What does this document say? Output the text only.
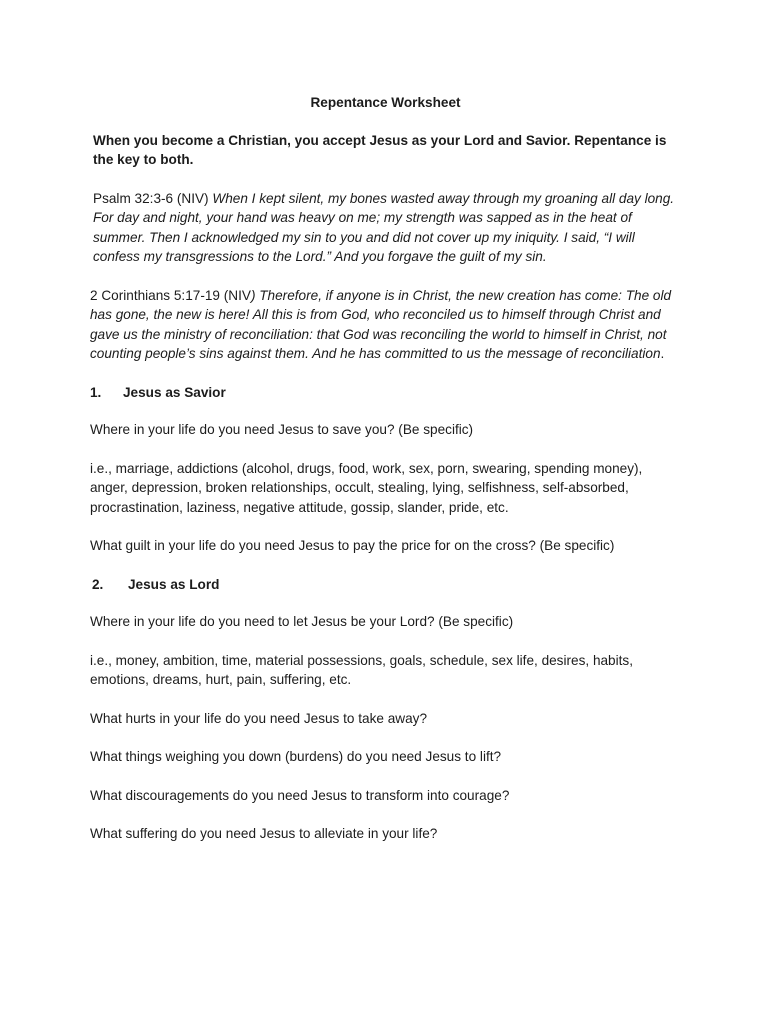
Repentance Worksheet

When you become a Christian, you accept Jesus as your Lord and Savior. Repentance is the key to both.

Psalm 32:3-6 (NIV) When I kept silent, my bones wasted away through my groaning all day long. For day and night, your hand was heavy on me; my strength was sapped as in the heat of summer. Then I acknowledged my sin to you and did not cover up my iniquity. I said, “I will confess my transgressions to the Lord.” And you forgave the guilt of my sin.

2 Corinthians 5:17-19 (NIV) Therefore, if anyone is in Christ, the new creation has come: The old has gone, the new is here! All this is from God, who reconciled us to himself through Christ and gave us the ministry of reconciliation: that God was reconciling the world to himself in Christ, not counting people’s sins against them. And he has committed to us the message of reconciliation.

1. Jesus as Savior

Where in your life do you need Jesus to save you? (Be specific)

i.e., marriage, addictions (alcohol, drugs, food, work, sex, porn, swearing, spending money), anger, depression, broken relationships, occult, stealing, lying, selfishness, self-absorbed, procrastination, laziness, negative attitude, gossip, slander, pride, etc.

What guilt in your life do you need Jesus to pay the price for on the cross? (Be specific)

2. Jesus as Lord

Where in your life do you need to let Jesus be your Lord? (Be specific)

i.e., money, ambition, time, material possessions, goals, schedule, sex life, desires, habits, emotions, dreams, hurt, pain, suffering, etc.

What hurts in your life do you need Jesus to take away?

What things weighing you down (burdens) do you need Jesus to lift?

What discouragements do you need Jesus to transform into courage?

What suffering do you need Jesus to alleviate in your life?
